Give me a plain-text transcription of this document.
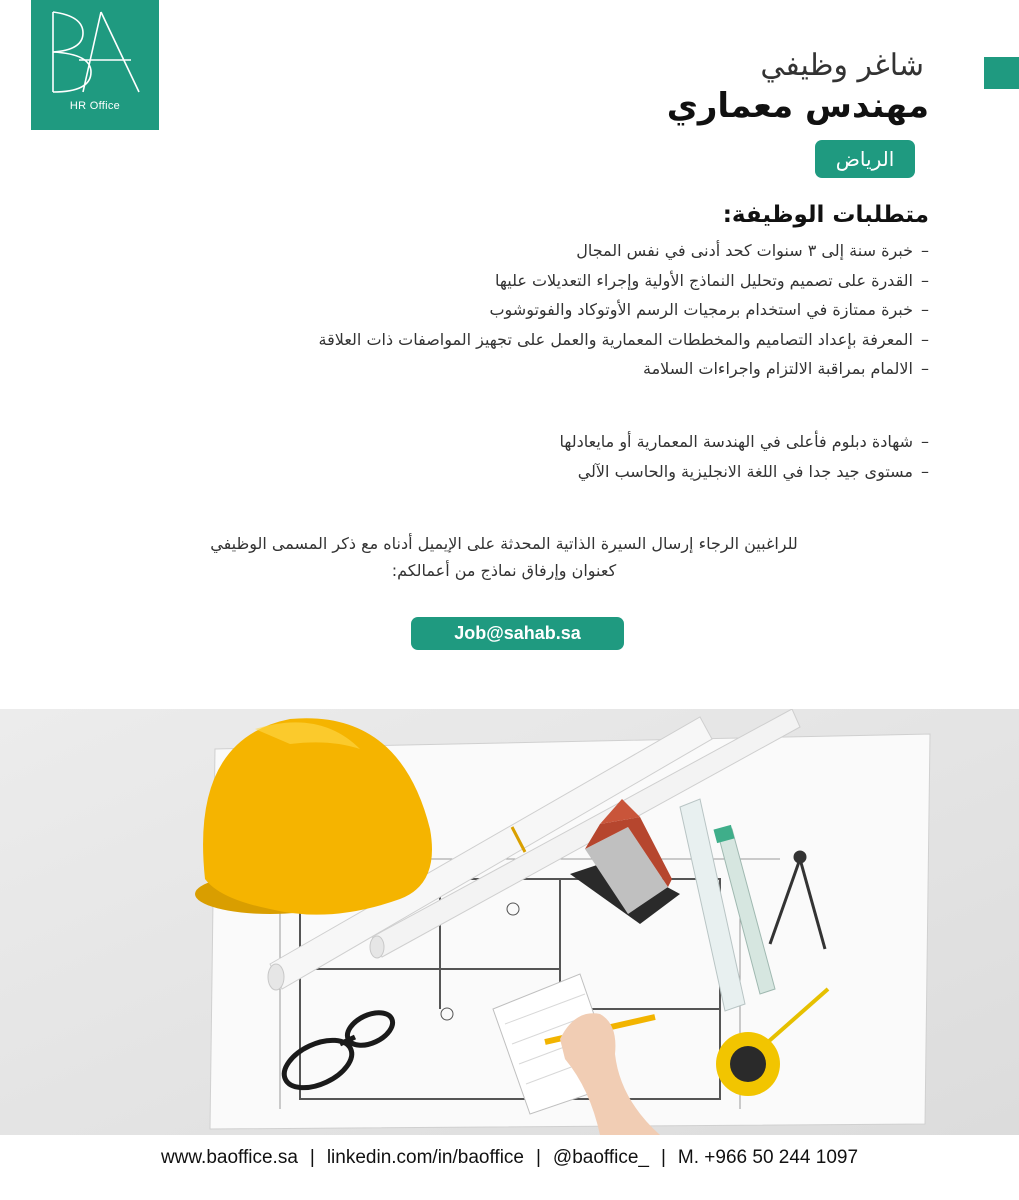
HR Office
شاغر وظيفي
مهندس معماري
الرياض
متطلبات الوظيفة:
–خبرة سنة إلى ٣ سنوات كحد أدنى في نفس المجال
–القدرة على تصميم وتحليل النماذج الأولية وإجراء التعديلات عليها
–خبرة ممتازة في استخدام برمجيات الرسم الأوتوكاد والفوتوشوب
–المعرفة بإعداد التصاميم والمخططات المعمارية والعمل على تجهيز المواصفات ذات العلاقة
–الالمام بمراقبة الالتزام واجراءات السلامة
–شهادة دبلوم فأعلى في الهندسة المعمارية أو مايعادلها
–مستوى جيد جدا في اللغة الانجليزية والحاسب الآلي
للراغبين الرجاء إرسال السيرة الذاتية المحدثة على الإيميل أدناه مع ذكر المسمى الوظيفي
كعنوان وإرفاق نماذج من أعمالكم:
Job@sahab.sa
www.baoffice.sa | linkedin.com/in/baoffice | @baoffice_ | M. +966 50 244 1097
